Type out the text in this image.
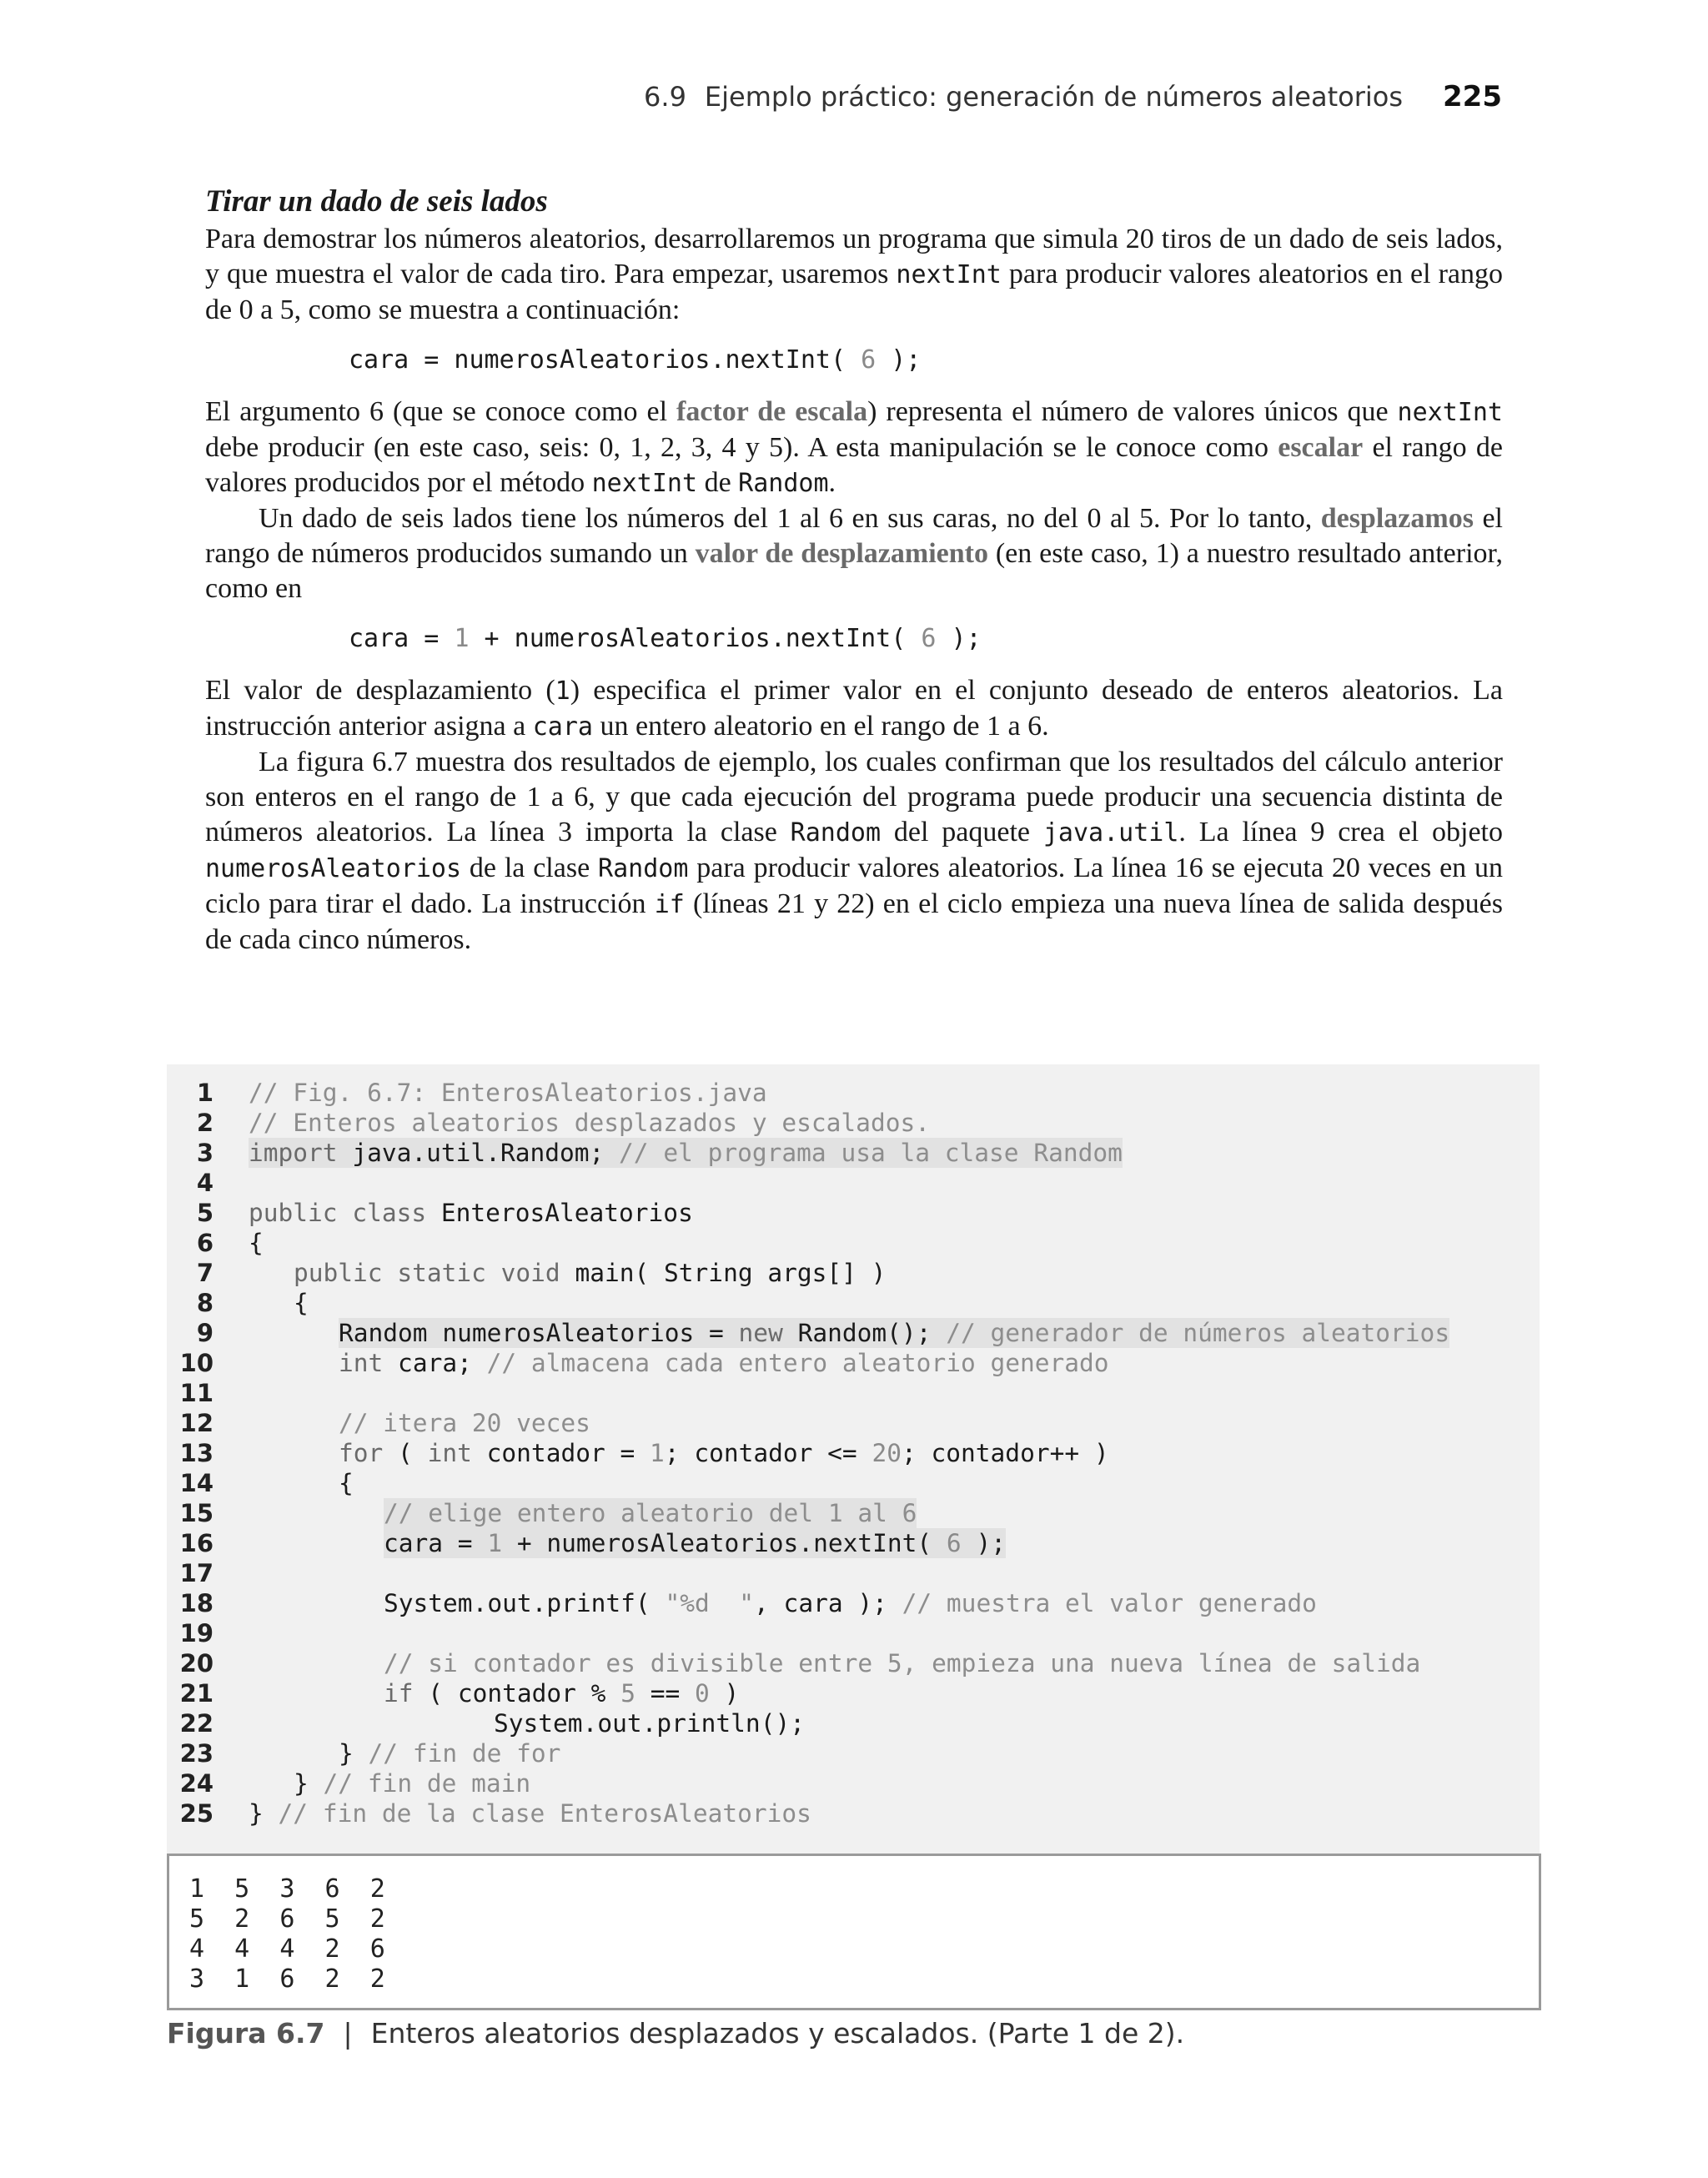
6.9 Ejemplo práctico: generación de números aleatorios 225
Tirar un dado de seis lados

Para demostrar los números aleatorios, desarrollaremos un programa que simula 20 tiros de un dado de seis lados, y que muestra el valor de cada tiro. Para empezar, usaremos nextInt para producir valores aleatorios en el rango de 0 a 5, como se muestra a continuación:

cara = numerosAleatorios.nextInt( 6 );

El argumento 6 (que se conoce como el factor de escala) representa el número de valores únicos que nextInt debe producir (en este caso, seis: 0, 1, 2, 3, 4 y 5). A esta manipulación se le conoce como escalar el rango de valores producidos por el método nextInt de Random.

Un dado de seis lados tiene los números del 1 al 6 en sus caras, no del 0 al 5. Por lo tanto, desplazamos el rango de números producidos sumando un valor de desplazamiento (en este caso, 1) a nuestro resultado anterior, como en

cara = 1 + numerosAleatorios.nextInt( 6 );

El valor de desplazamiento (1) especifica el primer valor en el conjunto deseado de enteros aleatorios. La instrucción anterior asigna a cara un entero aleatorio en el rango de 1 a 6.

La figura 6.7 muestra dos resultados de ejemplo, los cuales confirman que los resultados del cálculo anterior son enteros en el rango de 1 a 6, y que cada ejecución del programa puede producir una secuencia distinta de números aleatorios. La línea 3 importa la clase Random del paquete java.util. La línea 9 crea el objeto numerosAleatorios de la clase Random para producir valores aleatorios. La línea 16 se ejecuta 20 veces en un ciclo para tirar el dado. La instrucción if (líneas 21 y 22) en el ciclo empieza una nueva línea de salida después de cada cinco números.

1 // Fig. 6.7: EnterosAleatorios.java
2 // Enteros aleatorios desplazados y escalados.
3 import java.util.Random; // el programa usa la clase Random
4
5 public class EnterosAleatorios
6 {
7	public static void main( String args[] )
8	{
9	Random numerosAleatorios = new Random(); // generador de números aleatorios
10	int cara; // almacena cada entero aleatorio generado
11
12	// itera 20 veces
13	for ( int contador = 1; contador <= 20; contador++ )
14	{
15	// elige entero aleatorio del 1 al 6
16	cara = 1 + numerosAleatorios.nextInt( 6 );
17
18	System.out.printf( "%d  ", cara ); // muestra el valor generado
19
20	// si contador es divisible entre 5, empieza una nueva línea de salida
21	if ( contador % 5 == 0 )
22	System.out.println();
23	} // fin de for
24	} // fin de main
25 } // fin de la clase EnterosAleatorios
1  5  3  6  2
5  2  6  5  2
4  4  4  2  6
3  1  6  2  2
Figura 6.7 | Enteros aleatorios desplazados y escalados. (Parte 1 de 2).
